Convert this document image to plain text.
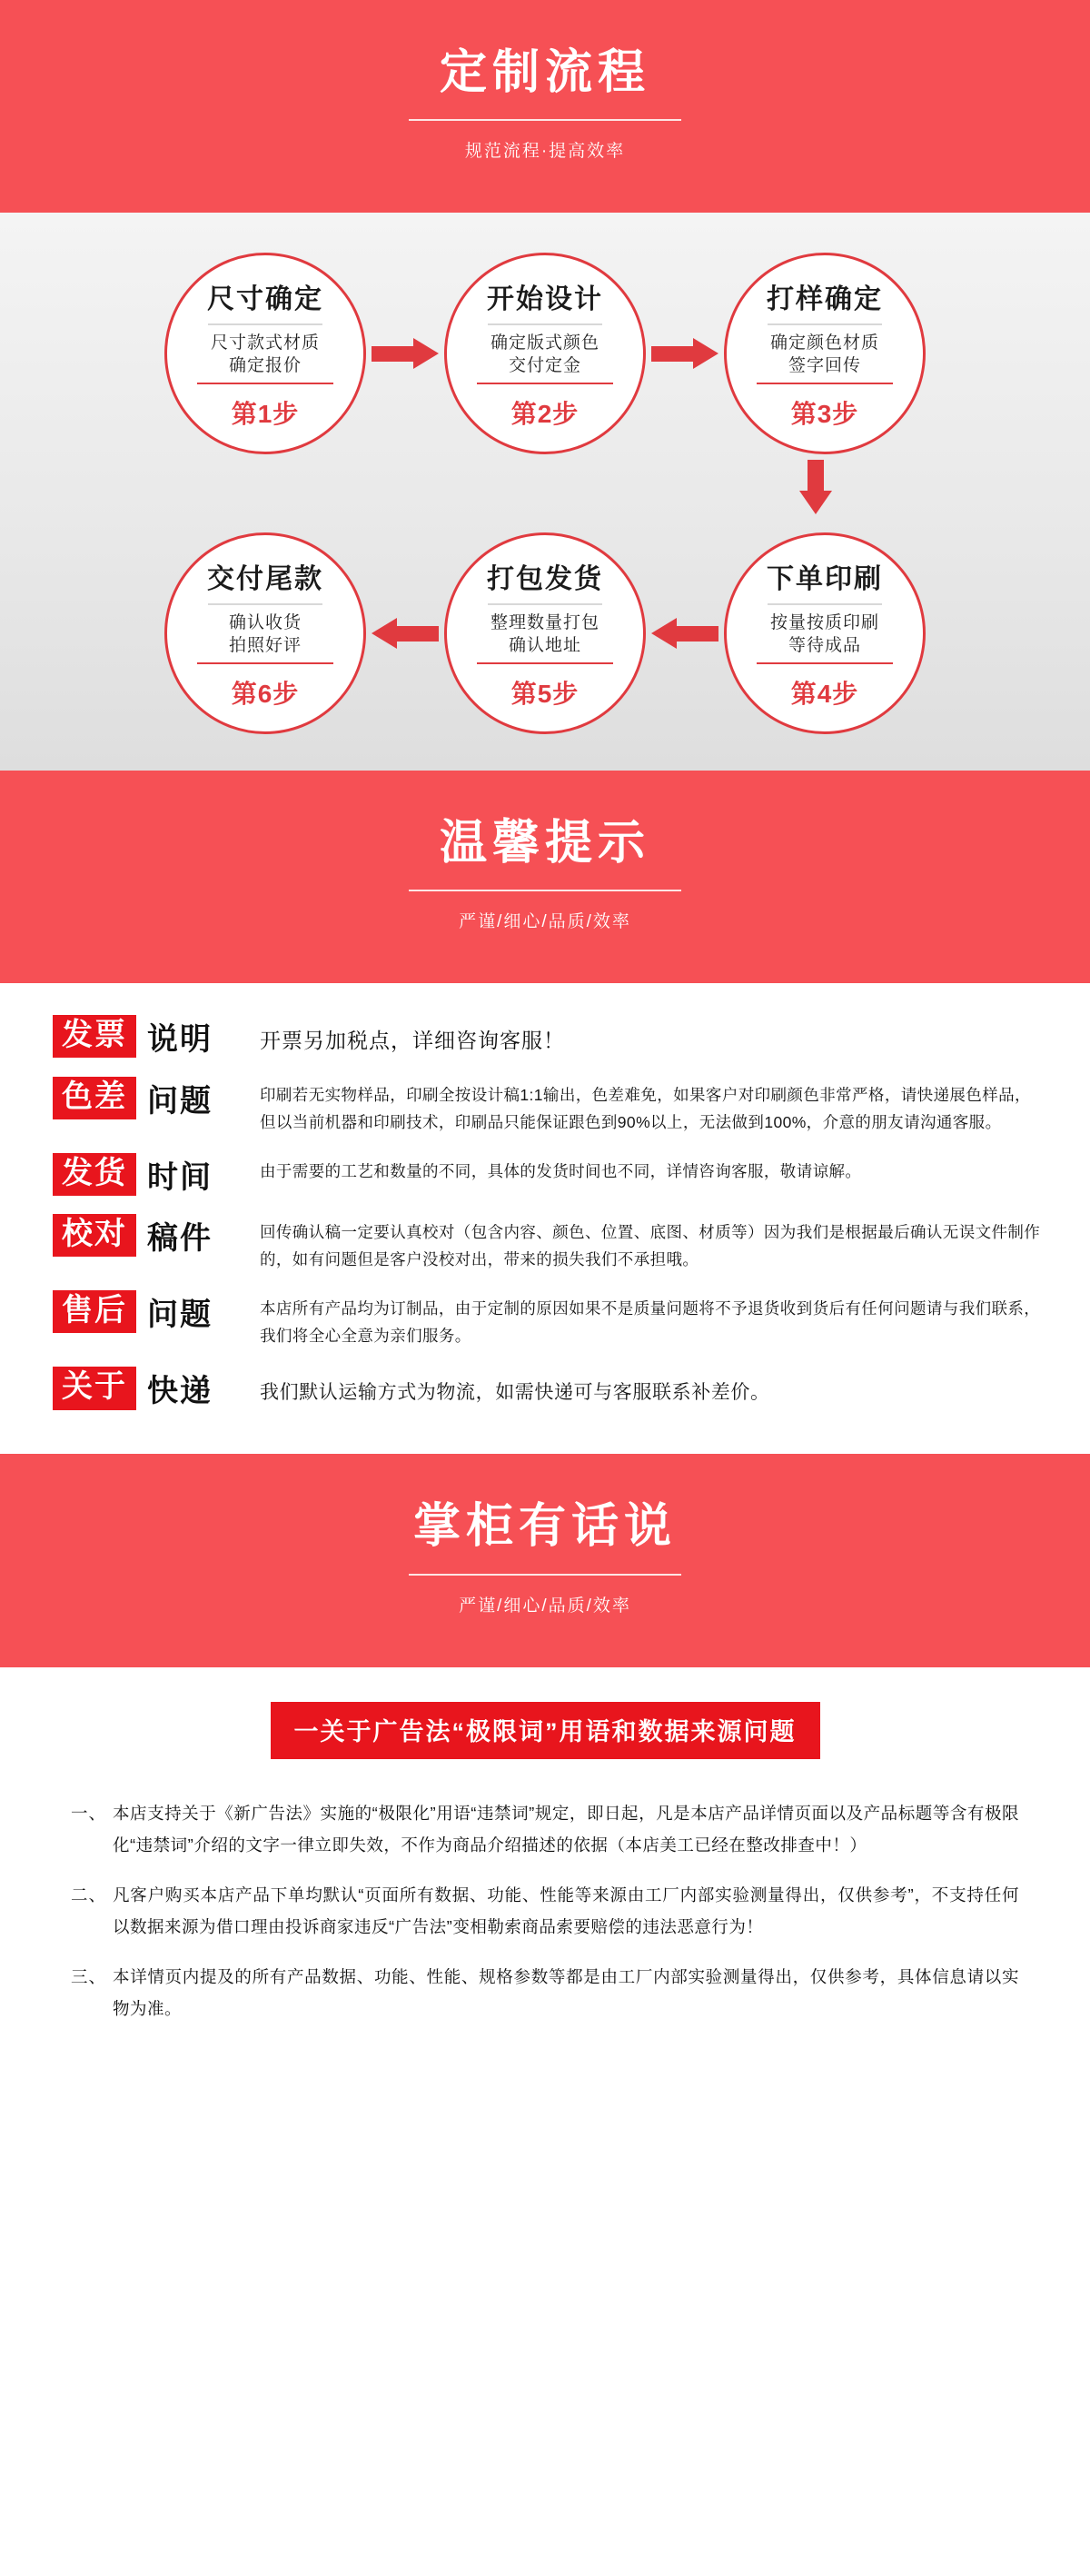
定制流程
规范流程·提高效率
尺寸确定
尺寸款式材质
确定报价
第1步
开始设计
确定版式颜色
交付定金
第2步
打样确定
确定颜色材质
签字回传
第3步
交付尾款
确认收货
拍照好评
第6步
打包发货
整理数量打包
确认地址
第5步
下单印刷
按量按质印刷
等待成品
第4步
温馨提示
严谨/细心/品质/效率
发票 说明 开票另加税点，详细咨询客服！
色差 问题	印刷若无实物样品，印刷全按设计稿1:1输出，色差难免，如果客户对印刷颜色非常严格，请快递展色样品，但以当前机器和印刷技术，印刷品只能保证跟色到90%以上，无法做到100%，介意的朋友请沟通客服。
发货 时间	由于需要的工艺和数量的不同，具体的发货时间也不同，详情咨询客服，敬请谅解。
校对 稿件	回传确认稿一定要认真校对（包含内容、颜色、位置、底图、材质等）因为我们是根据最后确认无误文件制作的，如有问题但是客户没校对出，带来的损失我们不承担哦。
售后 问题	本店所有产品均为订制品，由于定制的原因如果不是质量问题将不予退货收到货后有任何问题请与我们联系，我们将全心全意为亲们服务。
关于 快递 我们默认运输方式为物流，如需快递可与客服联系补差价。
掌柜有话说
严谨/细心/品质/效率
一关于广告法“极限词”用语和数据来源问题
一、 本店支持关于《新广告法》实施的“极限化”用语“违禁词”规定，即日起，凡是本店产品详情页面以及产品标题等含有极限化“违禁词”介绍的文字一律立即失效，不作为商品介绍描述的依据（本店美工已经在整改排查中！）
二、 凡客户购买本店产品下单均默认“页面所有数据、功能、性能等来源由工厂内部实验测量得出，仅供参考”，不支持任何以数据来源为借口理由投诉商家违反“广告法”变相勒索商品索要赔偿的违法恶意行为！
三、 本详情页内提及的所有产品数据、功能、性能、规格参数等都是由工厂内部实验测量得出，仅供参考，具体信息请以实物为准。
